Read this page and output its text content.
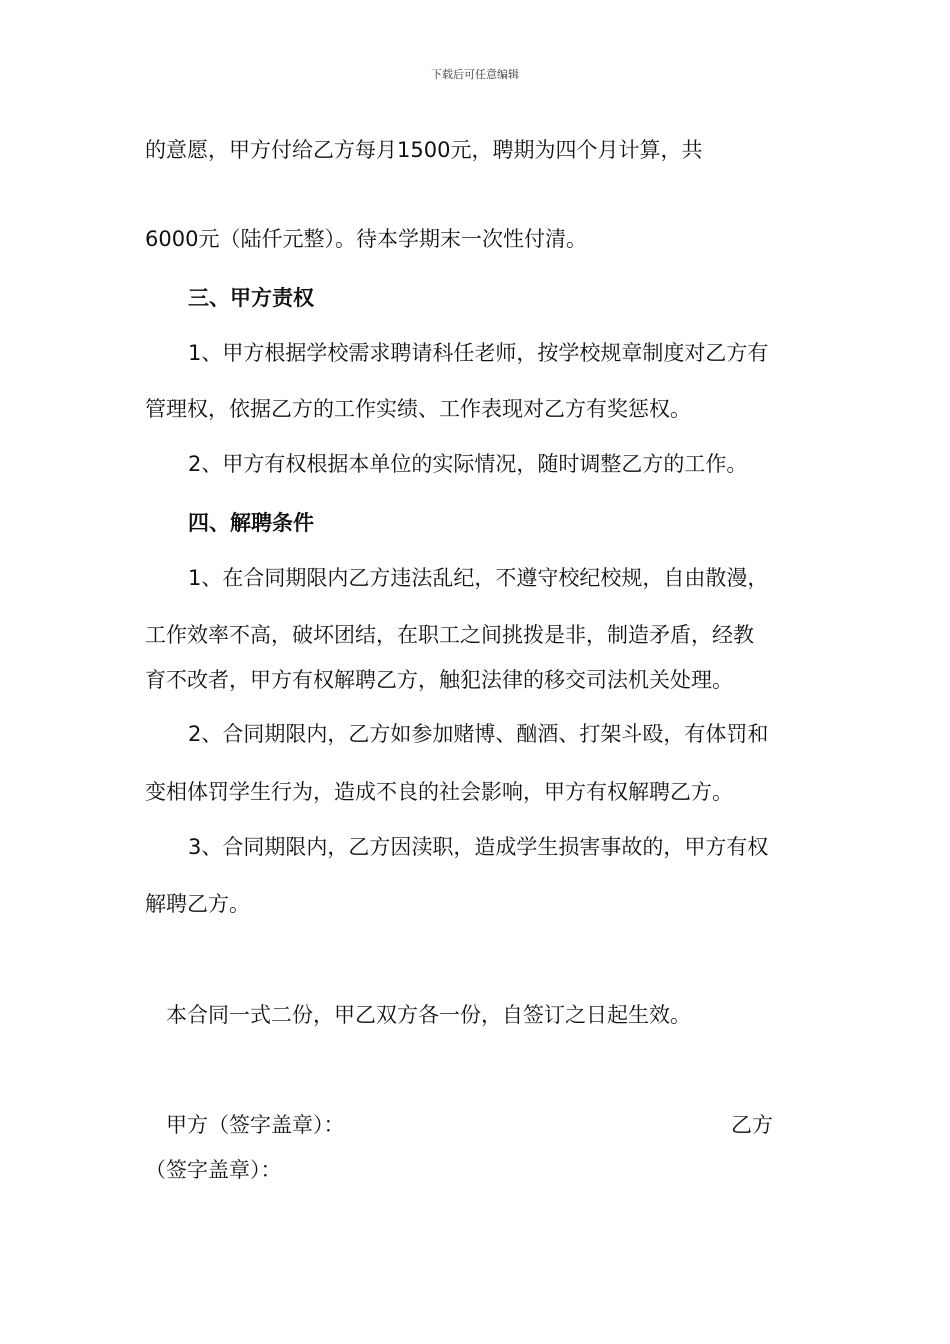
下载后可任意编辑
的意愿，甲方付给乙方每月1500元，聘期为四个月计算，共
6000元（陆仟元整）。待本学期末一次性付清。
三、甲方责权
1、甲方根据学校需求聘请科任老师，按学校规章制度对乙方有
管理权，依据乙方的工作实绩、工作表现对乙方有奖惩权。
2、甲方有权根据本单位的实际情况，随时调整乙方的工作。
四、解聘条件
1、在合同期限内乙方违法乱纪，不遵守校纪校规，自由散漫，
工作效率不高，破坏团结，在职工之间挑拨是非，制造矛盾，经教
育不改者，甲方有权解聘乙方，触犯法律的移交司法机关处理。
2、合同期限内，乙方如参加赌博、酗酒、打架斗殴，有体罚和
变相体罚学生行为，造成不良的社会影响，甲方有权解聘乙方。
3、合同期限内，乙方因渎职，造成学生损害事故的，甲方有权
解聘乙方。
本合同一式二份，甲乙双方各一份，自签订之日起生效。
甲方（签字盖章）：	乙方
（签字盖章）：
